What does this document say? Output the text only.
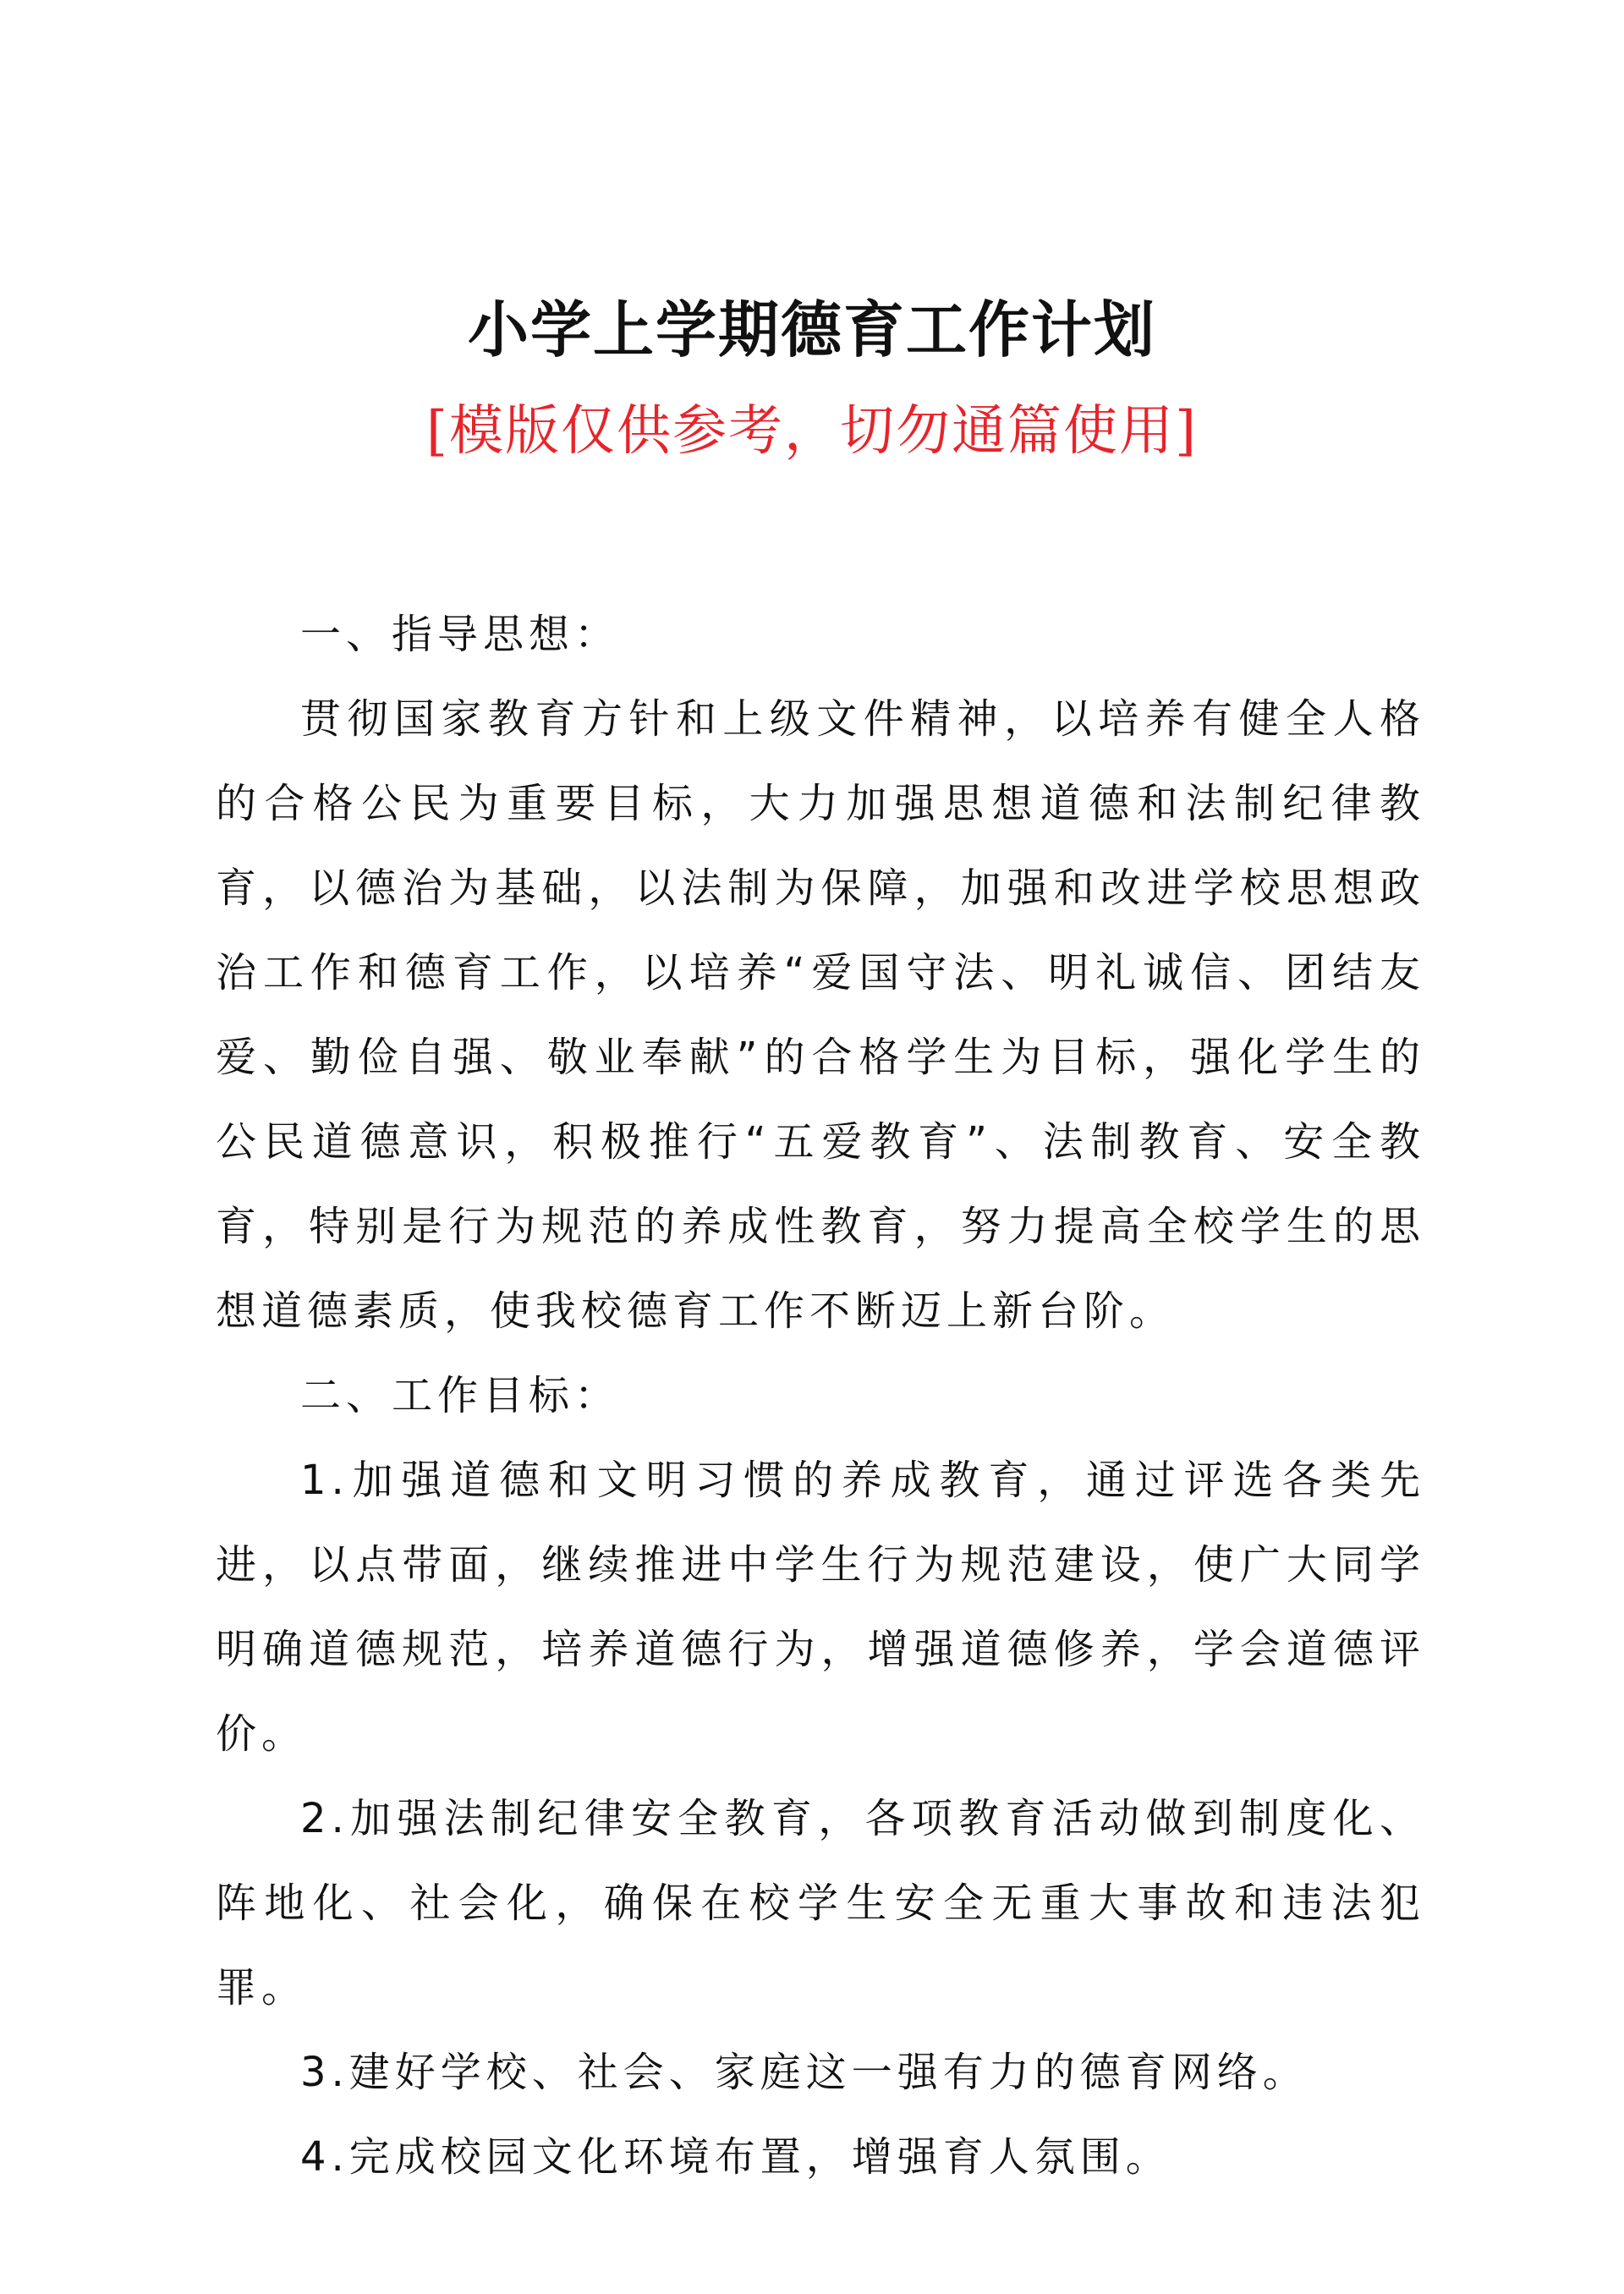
小学上学期德育工作计划
[模版仅供参考，切勿通篇使用]

一、指导思想：

贯彻国家教育方针和上级文件精神，以培养有健全人格的合格公民为重要目标，大力加强思想道德和法制纪律教育，以德治为基础，以法制为保障，加强和改进学校思想政治工作和德育工作，以培养“爱国守法、明礼诚信、团结友爱、勤俭自强、敬业奉献”的合格学生为目标，强化学生的公民道德意识，积极推行“五爱教育”、法制教育、安全教育，特别是行为规范的养成性教育，努力提高全校学生的思想道德素质，使我校德育工作不断迈上新台阶。

二、工作目标：

1.加强道德和文明习惯的养成教育，通过评选各类先进，以点带面，继续推进中学生行为规范建设，使广大同学明确道德规范，培养道德行为，增强道德修养，学会道德评价。

2.加强法制纪律安全教育，各项教育活动做到制度化、阵地化、社会化，确保在校学生安全无重大事故和违法犯罪。

3.建好学校、社会、家庭这一强有力的德育网络。

4.完成校园文化环境布置，增强育人氛围。
